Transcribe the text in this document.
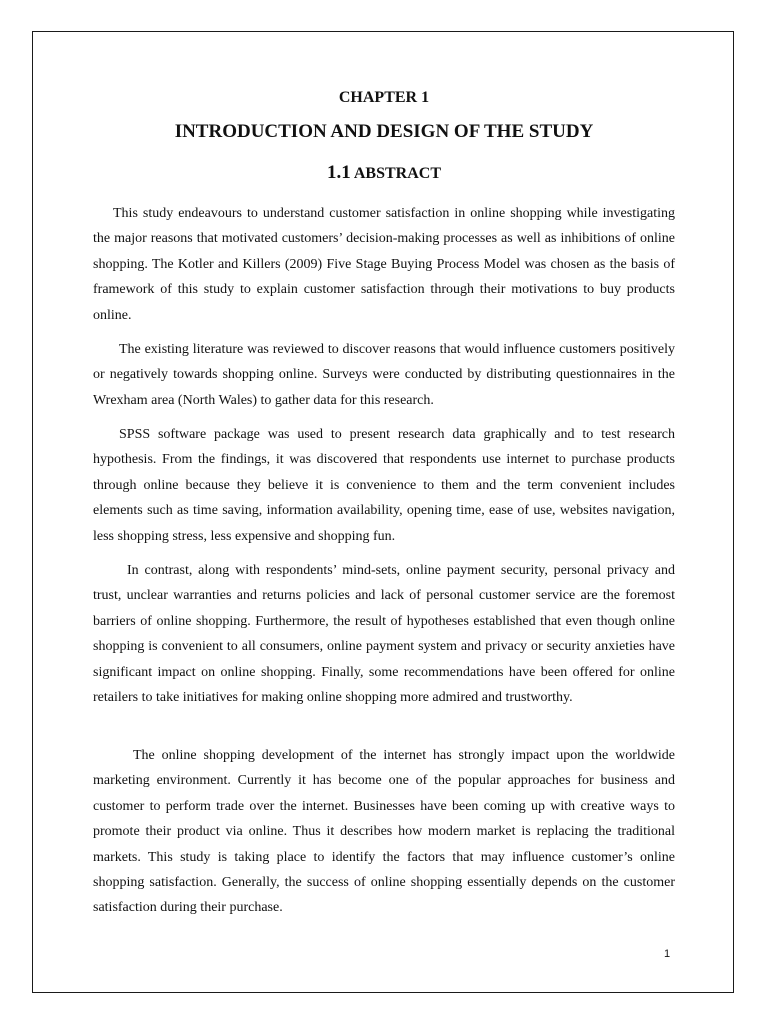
CHAPTER 1
INTRODUCTION AND DESIGN OF THE STUDY
1.1 ABSTRACT

This study endeavours to understand customer satisfaction in online shopping while investigating the major reasons that motivated customers’ decision-making processes as well as inhibitions of online shopping. The Kotler and Killers (2009) Five Stage Buying Process Model was chosen as the basis of framework of this study to explain customer satisfaction through their motivations to buy products online.

The existing literature was reviewed to discover reasons that would influence customers positively or negatively towards shopping online. Surveys were conducted by distributing questionnaires in the Wrexham area (North Wales) to gather data for this research.

SPSS software package was used to present research data graphically and to test research hypothesis. From the findings, it was discovered that respondents use internet to purchase products through online because they believe it is convenience to them and the term convenient includes elements such as time saving, information availability, opening time, ease of use, websites navigation, less shopping stress, less expensive and shopping fun.

In contrast, along with respondents’ mind-sets, online payment security, personal privacy and trust, unclear warranties and returns policies and lack of personal customer service are the foremost barriers of online shopping. Furthermore, the result of hypotheses established that even though online shopping is convenient to all consumers, online payment system and privacy or security anxieties have significant impact on online shopping. Finally, some recommendations have been offered for online retailers to take initiatives for making online shopping more admired and trustworthy.

The online shopping development of the internet has strongly impact upon the worldwide marketing environment. Currently it has become one of the popular approaches for business and customer to perform trade over the internet. Businesses have been coming up with creative ways to promote their product via online. Thus it describes how modern market is replacing the traditional markets. This study is taking place to identify the factors that may influence customer’s online shopping satisfaction. Generally, the success of online shopping essentially depends on the customer satisfaction during their purchase.

1
